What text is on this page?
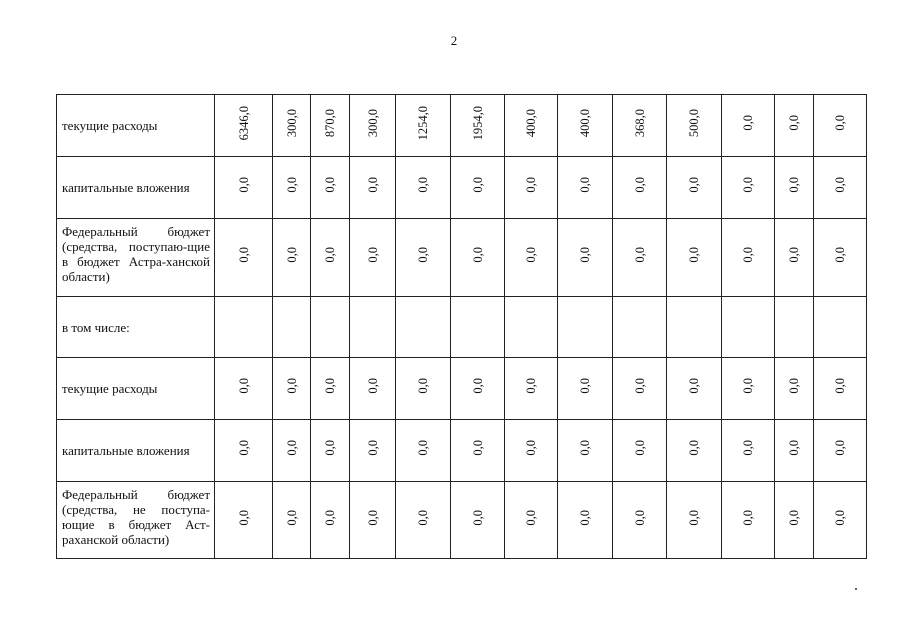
2
текущие расходы	6346,0	300,0	870,0	300,0	1254,0	1954,0	400,0	400,0	368,0	500,0	0,0	0,0	0,0
капитальные вложения	0,0	0,0	0,0	0,0	0,0	0,0	0,0	0,0	0,0	0,0	0,0	0,0	0,0
Федеральный бюджет (средства, поступаю-щие в бюджет Астра-ханской области)	0,0	0,0	0,0	0,0	0,0	0,0	0,0	0,0	0,0	0,0	0,0	0,0	0,0
в том числе:													
текущие расходы	0,0	0,0	0,0	0,0	0,0	0,0	0,0	0,0	0,0	0,0	0,0	0,0	0,0
капитальные вложения	0,0	0,0	0,0	0,0	0,0	0,0	0,0	0,0	0,0	0,0	0,0	0,0	0,0
Федеральный бюджет (средства, не поступа-ющие в бюджет Аст-раханской области)	0,0	0,0	0,0	0,0	0,0	0,0	0,0	0,0	0,0	0,0	0,0	0,0	0,0
